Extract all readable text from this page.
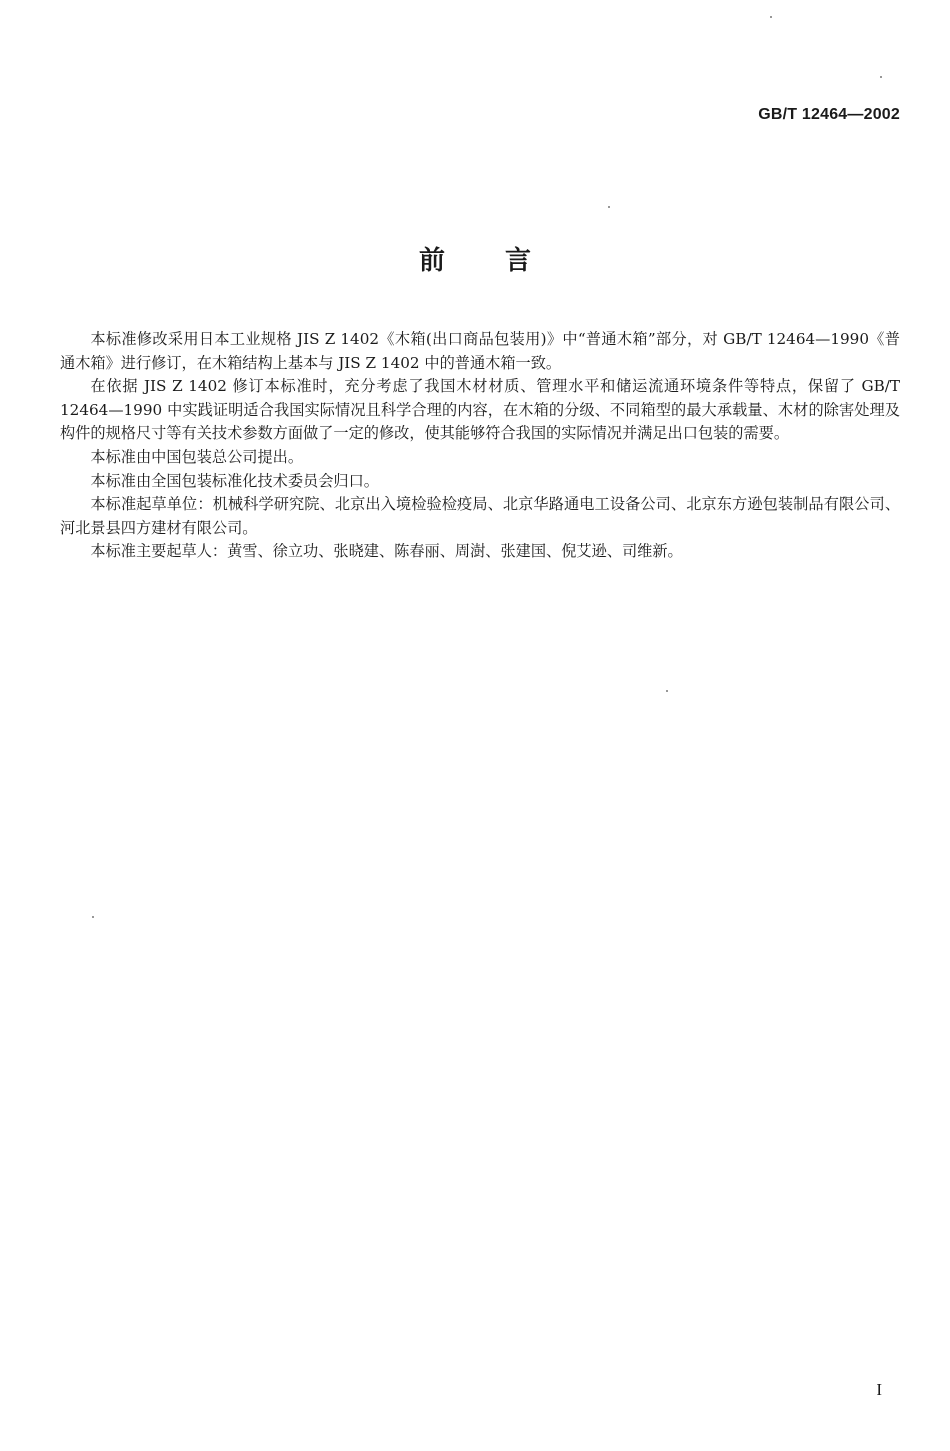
GB/T 12464—2002
前言

本标准修改采用日本工业规格 JIS Z 1402《木箱(出口商品包装用)》中“普通木箱”部分，对 GB/T 12464—1990《普通木箱》进行修订，在木箱结构上基本与 JIS Z 1402 中的普通木箱一致。

在依据 JIS Z 1402 修订本标准时，充分考虑了我国木材材质、管理水平和储运流通环境条件等特点，保留了 GB/T 12464—1990 中实践证明适合我国实际情况且科学合理的内容，在木箱的分级、不同箱型的最大承载量、木材的除害处理及构件的规格尺寸等有关技术参数方面做了一定的修改，使其能够符合我国的实际情况并满足出口包装的需要。

本标准由中国包装总公司提出。

本标准由全国包装标准化技术委员会归口。

本标准起草单位：机械科学研究院、北京出入境检验检疫局、北京华路通电工设备公司、北京东方逊包装制品有限公司、河北景县四方建材有限公司。

本标准主要起草人：黄雪、徐立功、张晓建、陈春丽、周澍、张建国、倪艾逊、司维新。

I
